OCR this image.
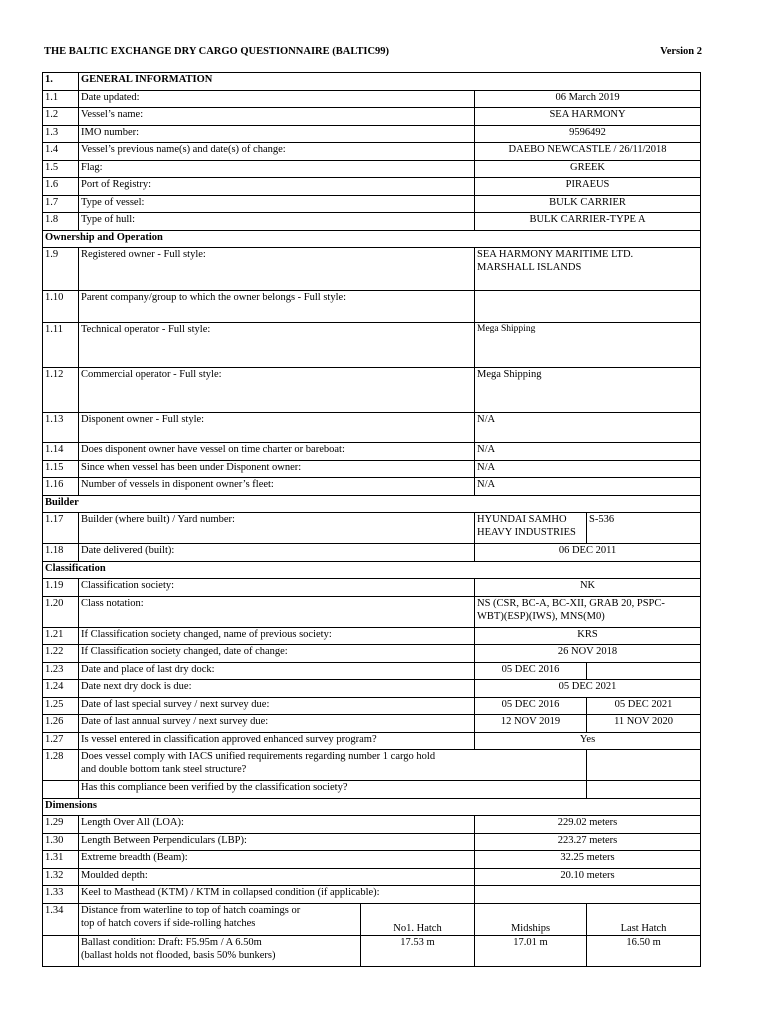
THE BALTIC EXCHANGE DRY CARGO QUESTIONNAIRE (BALTIC99)	Version 2
1.	GENERAL INFORMATION			
1.1	Date updated:		06 March 2019	
1.2	Vessel’s name:		SEA HARMONY	
1.3	IMO number:		9596492	
1.4	Vessel’s previous name(s) and date(s) of change:		DAEBO NEWCASTLE / 26/11/2018	
1.5	Flag:		GREEK	
1.6	Port of Registry:		PIRAEUS	
1.7	Type of vessel:		BULK CARRIER	
1.8	Type of hull:		BULK CARRIER-TYPE A	
Ownership and Operation				
1.9	Registered owner - Full style:		SEA HARMONY MARITIME LTD.
MARSHALL ISLANDS	

1.10	Parent company/group to which the owner belongs - Full style:			
1.11	Technical operator - Full style:		Mega Shipping	
1.12	Commercial operator - Full style:		Mega Shipping	
1.13	Disponent owner - Full style:		N/A	
1.14	Does disponent owner have vessel on time charter or bareboat:		N/A	
1.15	Since when vessel has been under Disponent owner:		N/A	
1.16	Number of vessels in disponent owner’s fleet:		N/A	
Builder				
1.17	Builder (where built) / Yard number:		HYUNDAI SAMHO
HEAVY INDUSTRIES	S-536
1.18	Date delivered (built):		06 DEC 2011	
Classification				
1.19	Classification society:		NK	
1.20	Class notation:		NS (CSR, BC-A, BC-XII, GRAB 20, PSPC-
WBT)(ESP)(IWS), MNS(M0)	

1.21	If Classification society changed, name of previous society:		KRS	
1.22	If Classification society changed, date of change:		26 NOV 2018	
1.23	Date and place of last dry dock:		05 DEC 2016	
1.24	Date next dry dock is due:		05 DEC 2021	
1.25	Date of last special survey / next survey due:		05 DEC 2016	05 DEC 2021
1.26	Date of last annual survey / next survey due:		12 NOV 2019	11 NOV 2020
1.27	Is vessel entered in classification approved enhanced survey program?		Yes	
1.28	Does vessel comply with IACS unified requirements regarding number 1 cargo hold
and double bottom tank steel structure?			

	Has this compliance been verified by the classification society?			
Dimensions				
1.29	Length Over All (LOA):		229.02 meters	
1.30	Length Between Perpendiculars (LBP):		223.27 meters	
1.31	Extreme breadth (Beam):		32.25 meters	
1.32	Moulded depth:		20.10 meters	
1.33	Keel to Masthead (KTM) / KTM in collapsed condition (if applicable):			
1.34	Distance from waterline to top of hatch coamings or
top of hatch covers if side-rolling hatches	No1. Hatch	Midships	Last Hatch

	Ballast condition: Draft: F5.95m / A 6.50m
(ballast holds not flooded, basis 50% bunkers)	17.53 m	17.01 m	16.50 m
